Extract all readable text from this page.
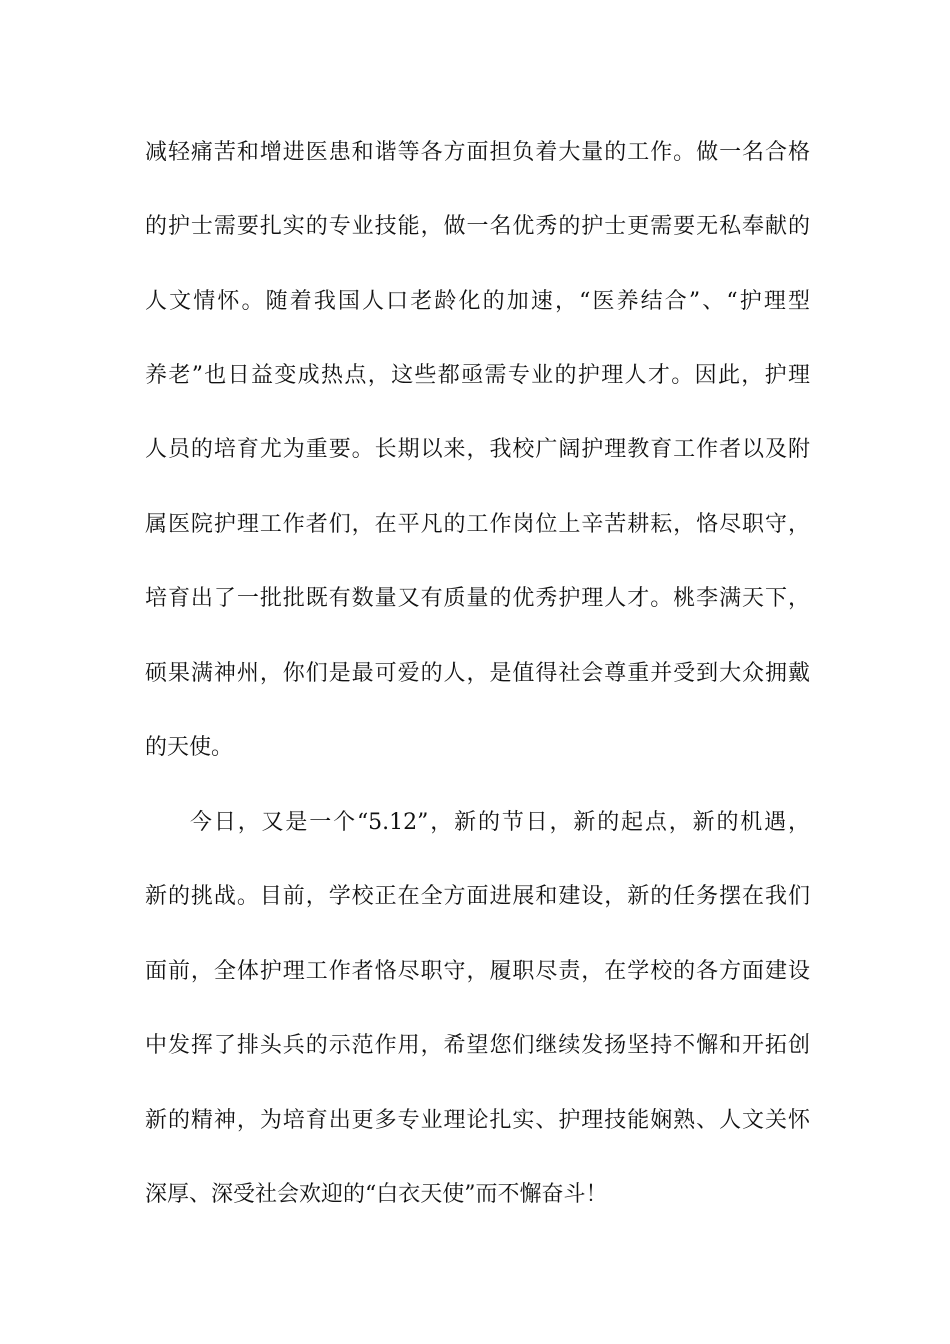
减轻痛苦和增进医患和谐等各方面担负着大量的工作。做一名合格
的护士需要扎实的专业技能，做一名优秀的护士更需要无私奉献的
人文情怀。随着我国人口老龄化的加速，“医养结合”、“护理型
养老”也日益变成热点，这些都亟需专业的护理人才。因此，护理
人员的培育尤为重要。长期以来，我校广阔护理教育工作者以及附
属医院护理工作者们，在平凡的工作岗位上辛苦耕耘，恪尽职守，
培育出了一批批既有数量又有质量的优秀护理人才。桃李满天下，
硕果满神州，你们是最可爱的人，是值得社会尊重并受到大众拥戴
的天使。
今日，又是一个“5.12”，新的节日，新的起点，新的机遇，
新的挑战。目前，学校正在全方面进展和建设，新的任务摆在我们
面前，全体护理工作者恪尽职守，履职尽责，在学校的各方面建设
中发挥了排头兵的示范作用，希望您们继续发扬坚持不懈和开拓创
新的精神，为培育出更多专业理论扎实、护理技能娴熟、人文关怀
深厚、深受社会欢迎的“白衣天使”而不懈奋斗！
